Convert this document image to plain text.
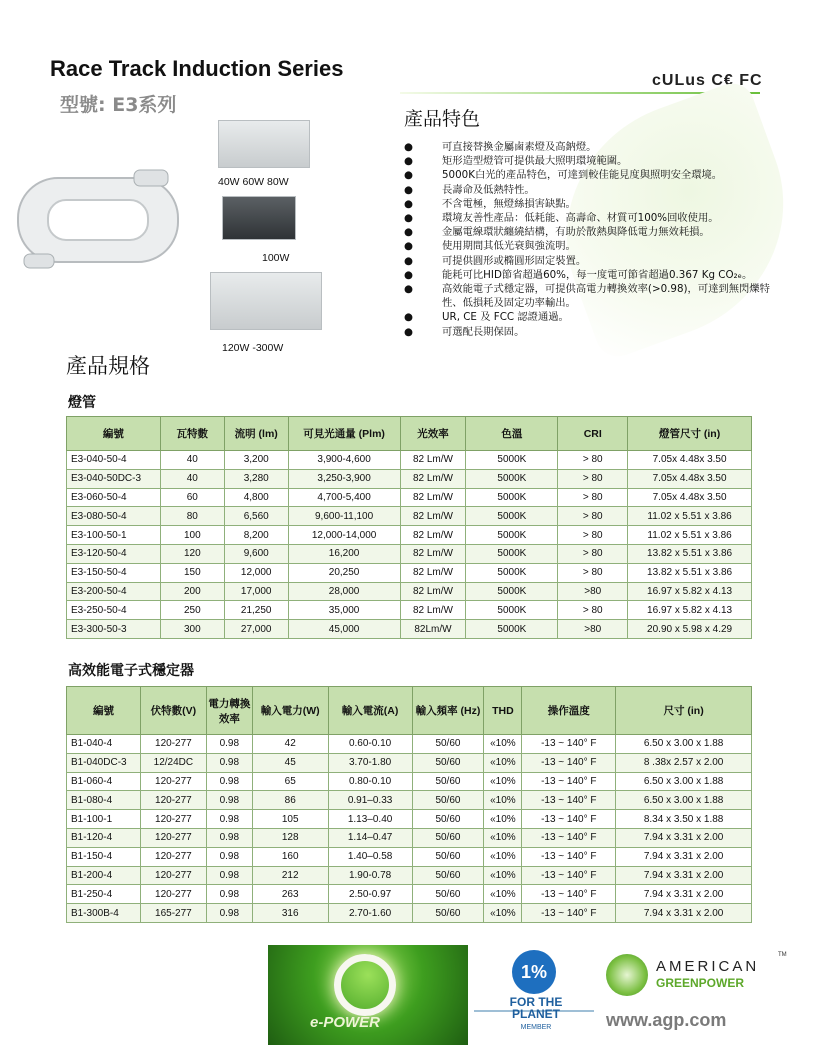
Race Track Induction Series
型號: E3系列
cULus C€ FC
40W 60W 80W
100W
120W -300W
產品特色
●	可直接替換金屬鹵素燈及高鈉燈。
●	矩形造型燈管可提供最大照明環境範圍。
●	5000K白光的產品特色，可達到較佳能見度與照明安全環境。
●	長壽命及低熱特性。
●	不含電極，無燈絲損害缺點。
●	環境友善性產品：低耗能、高壽命、材質可100%回收使用。
●	金屬電線環狀纏繞結構，有助於散熱與降低電力無效耗損。
●	使用期間其低光衰與強流明。
●	可提供圓形或橢圓形固定裝置。
●	能耗可比HID節省超過60%，每一度電可節省超過0.367 Kg CO₂ₑ。
●	高效能電子式穩定器，可提供高電力轉換效率(>0.98)，可達到無閃爍特性、低損耗及固定功率輸出。
●	UR, CE 及 FCC 認證通過。
●	可選配長期保固。
產品規格
燈管
編號	瓦特數	流明 (lm)	可見光通量 (Plm)	光效率	色溫	CRI	燈管尺寸 (in)
E3-040-50-4	40	3,200	3,900-4,600	82 Lm/W	5000K	> 80	7.05x 4.48x 3.50
E3-040-50DC-3	40	3,280	3,250-3,900	82 Lm/W	5000K	> 80	7.05x 4.48x 3.50
E3-060-50-4	60	4,800	4,700-5,400	82 Lm/W	5000K	> 80	7.05x 4.48x 3.50
E3-080-50-4	80	6,560	9,600-11,100	82 Lm/W	5000K	> 80	11.02 x 5.51 x 3.86
E3-100-50-1	100	8,200	12,000-14,000	82 Lm/W	5000K	> 80	11.02 x 5.51 x 3.86
E3-120-50-4	120	9,600	16,200	82 Lm/W	5000K	> 80	13.82 x 5.51 x 3.86
E3-150-50-4	150	12,000	20,250	82 Lm/W	5000K	> 80	13.82 x 5.51 x 3.86
E3-200-50-4	200	17,000	28,000	82 Lm/W	5000K	>80	16.97 x 5.82 x 4.13
E3-250-50-4	250	21,250	35,000	82 Lm/W	5000K	> 80	16.97 x 5.82 x 4.13
E3-300-50-3	300	27,000	45,000	82Lm/W	5000K	>80	20.90 x 5.98 x 4.29
高效能電子式穩定器
編號	伏特數(V)	電力轉換效率	輸入電力(W)	輸入電流(A)	輸入頻率 (Hz)	THD	操作溫度	尺寸 (in)
B1-040-4	120-277	0.98	42	0.60-0.10	50/60	«10%	-13 ~ 140° F	6.50 x 3.00 x 1.88
B1-040DC-3	12/24DC	0.98	45	3.70-1.80	50/60	«10%	-13 ~ 140° F	8 .38x 2.57 x 2.00
B1-060-4	120-277	0.98	65	0.80-0.10	50/60	«10%	-13 ~ 140° F	6.50 x 3.00 x 1.88
B1-080-4	120-277	0.98	86	0.91–0.33	50/60	«10%	-13 ~ 140° F	6.50 x 3.00 x 1.88
B1-100-1	120-277	0.98	105	1.13–0.40	50/60	«10%	-13 ~ 140° F	8.34 x 3.50 x 1.88
B1-120-4	120-277	0.98	128	1.14–0.47	50/60	«10%	-13 ~ 140° F	7.94 x 3.31 x 2.00
B1-150-4	120-277	0.98	160	1.40–0.58	50/60	«10%	-13 ~ 140° F	7.94 x 3.31 x 2.00
B1-200-4	120-277	0.98	212	1.90-0.78	50/60	«10%	-13 ~ 140° F	7.94 x 3.31 x 2.00
B1-250-4	120-277	0.98	263	2.50-0.97	50/60	«10%	-13 ~ 140° F	7.94 x 3.31 x 2.00
B1-300B-4	165-277	0.98	316	2.70-1.60	50/60	«10%	-13 ~ 140° F	7.94 x 3.31 x 2.00
e-POWER
1%
FOR THE
PLANET
MEMBER
AMERICAN
GREENPOWER
TM
www.agp.com
